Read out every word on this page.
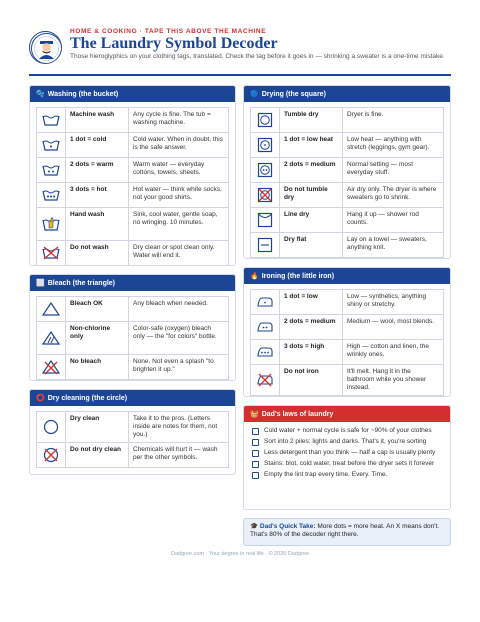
HOME & COOKING · TAPE THIS ABOVE THE MACHINE
The Laundry Symbol Decoder
Those hieroglyphics on your clothing tags, translated. Check the tag before it goes in — shrinking a sweater is a one-time mistake.
🫧 Washing (the bucket)
	Machine wash	Any cycle is fine. The tub = washing machine.

	1 dot = cold	Cold water. When in doubt, this is the safe answer.

	2 dots = warm	Warm water — everyday cottons, towels, sheets.

	3 dots = hot	Hot water — think white socks, not your good shirts.

	Hand wash	Sink, cool water, gentle soap, no wringing. 10 minutes.

	Do not wash	Dry clean or spot clean only. Water will end it.
⬜ Bleach (the triangle)
	Bleach OK	Any bleach when needed.

	Non-chlorine only	Color-safe (oxygen) bleach only — the "for colors" bottle.

	No bleach	None. Not even a splash "to brighten it up."
⭕ Dry cleaning (the circle)
	Dry clean	Take it to the pros. (Letters inside are notes for them, not you.)

	Do not dry clean	Chemicals will hurt it — wash per the other symbols.
🔵 Drying (the square)
	Tumble dry	Dryer is fine.

	1 dot = low heat	Low heat — anything with stretch (leggings, gym gear).

	2 dots = medium	Normal setting — most everyday stuff.

	Do not tumble dry	Air dry only. The dryer is where sweaters go to shrink.

	Line dry	Hang it up — shower rod counts.

	Dry flat	Lay on a towel — sweaters, anything knit.
🔥 Ironing (the little iron)
	1 dot = low	Low — synthetics, anything shiny or stretchy.

	2 dots = medium	Medium — wool, most blends.

	3 dots = high	High — cotton and linen, the wrinkly ones.

	Do not iron	It'll melt. Hang it in the bathroom while you shower instead.
🧺 Dad's laws of laundry
Cold water + normal cycle is safe for ~90% of your clothes
Sort into 2 piles: lights and darks. That's it, you're sorting
Less detergent than you think — half a cap is usually plenty
Stains: blot, cold water, treat before the dryer sets it forever
Empty the lint trap every time. Every. Time.
🎓 Dad's Quick Take: More dots = more heat. An X means don't. That's 80% of the decoder right there.
Dadgree.com · Your degree in real life · © 2026 Dadgree
